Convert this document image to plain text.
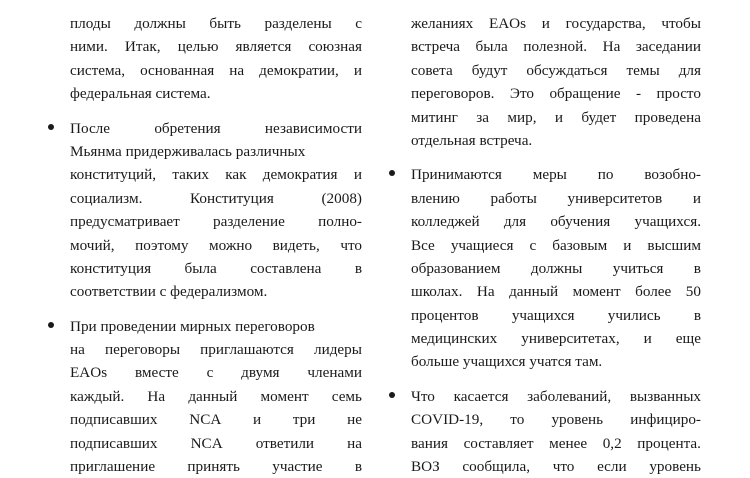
плоды должны быть разделены с
ними. Итак, целью является союзная
система, основанная на демократии, и
федеральная система.
После	обретения	независимости
Мьянма придерживалась различных
конституций, таких как демократия и
социализм.	Конституция	(2008)
предусматривает разделение полно-
мочий, поэтому можно видеть, что
конституция была составлена в
соответствии с федерализмом.
При проведении мирных переговоров
на переговоры приглашаются лидеры
EAOs вместе с двумя членами
каждый. На данный момент семь
подписавших NCA и три не
подписавших NCA ответили на
приглашение принять участие в
желаниях EAOs и государства, чтобы
встреча была полезной. На заседании
совета будут обсуждаться темы для
переговоров. Это обращение - просто
митинг за мир, и будет проведена
отдельная встреча.
Принимаются меры по возобно-
влению работы университетов и
колледжей для обучения учащихся.
Все учащиеся с базовым и высшим
образованием должны учиться в
школах. На данный момент более 50
процентов учащихся учились в
медицинских университетах, и еще
больше учащихся учатся там.
Что касается заболеваний, вызванных
COVID-19, то уровень инфициро-
вания составляет менее 0,2 процента.
ВОЗ сообщила, что если уровень
